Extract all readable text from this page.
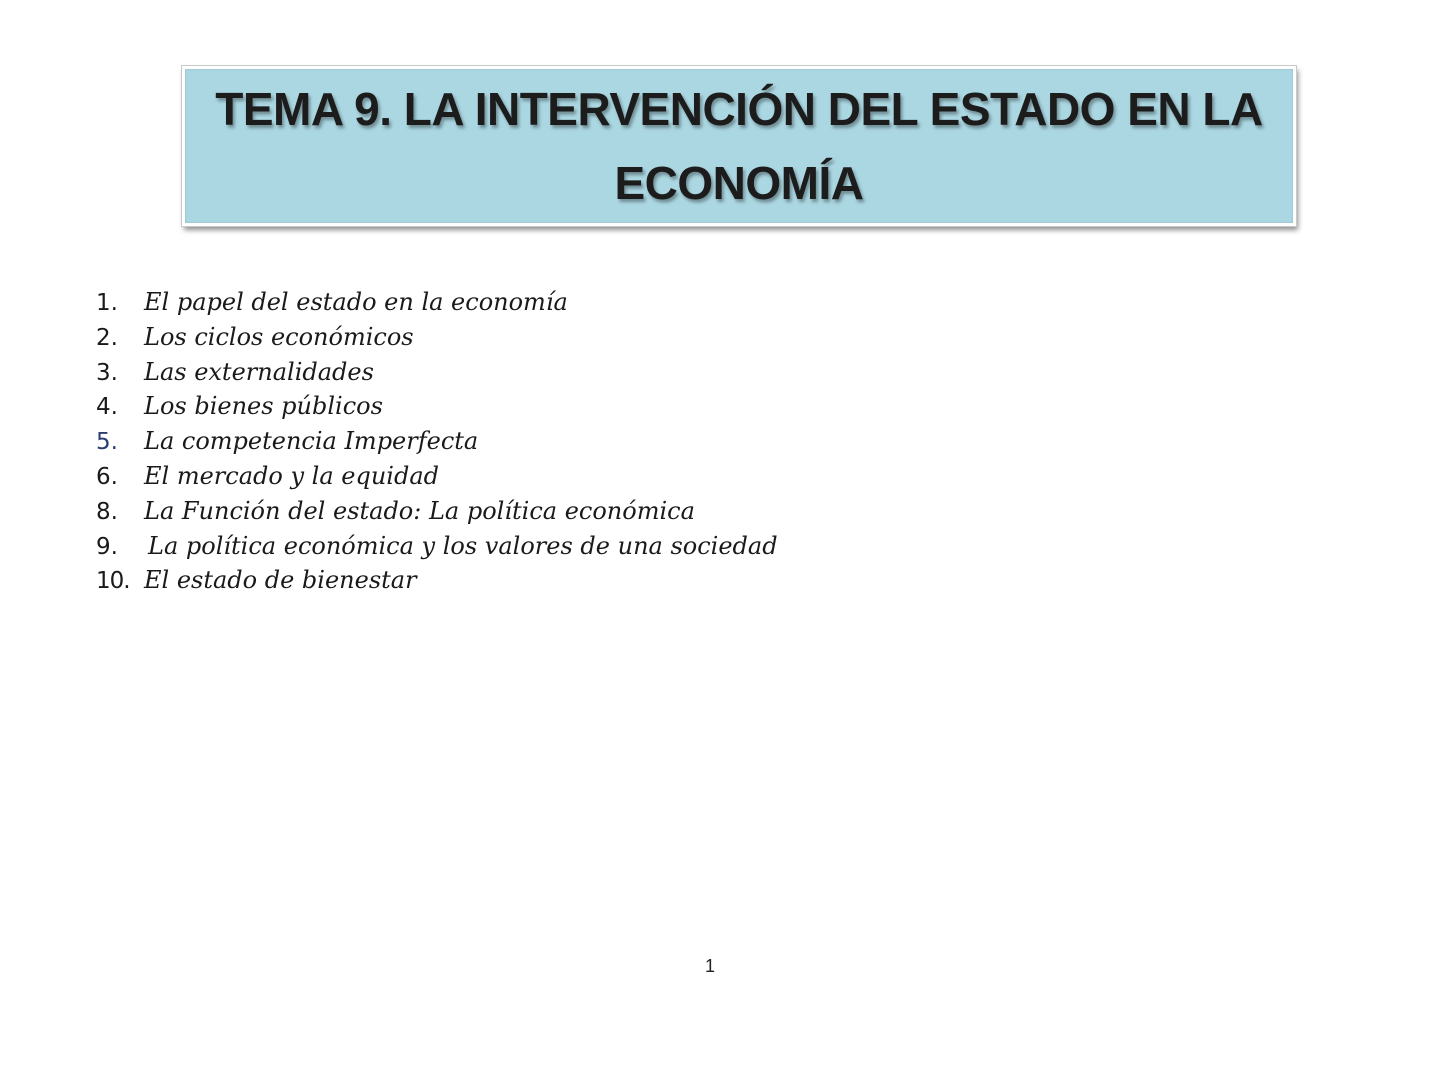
TEMA 9. LA INTERVENCIÓN DEL ESTADO EN LA
ECONOMÍA
1.	El papel del estado en la economía
2.	Los ciclos económicos
3.	Las externalidades
4.	Los bienes públicos
5.	La competencia Imperfecta
6.	El mercado y la equidad
8.	La Función del estado: La política económica
9.	La política económica y los valores de una sociedad
10. El estado de bienestar
1
